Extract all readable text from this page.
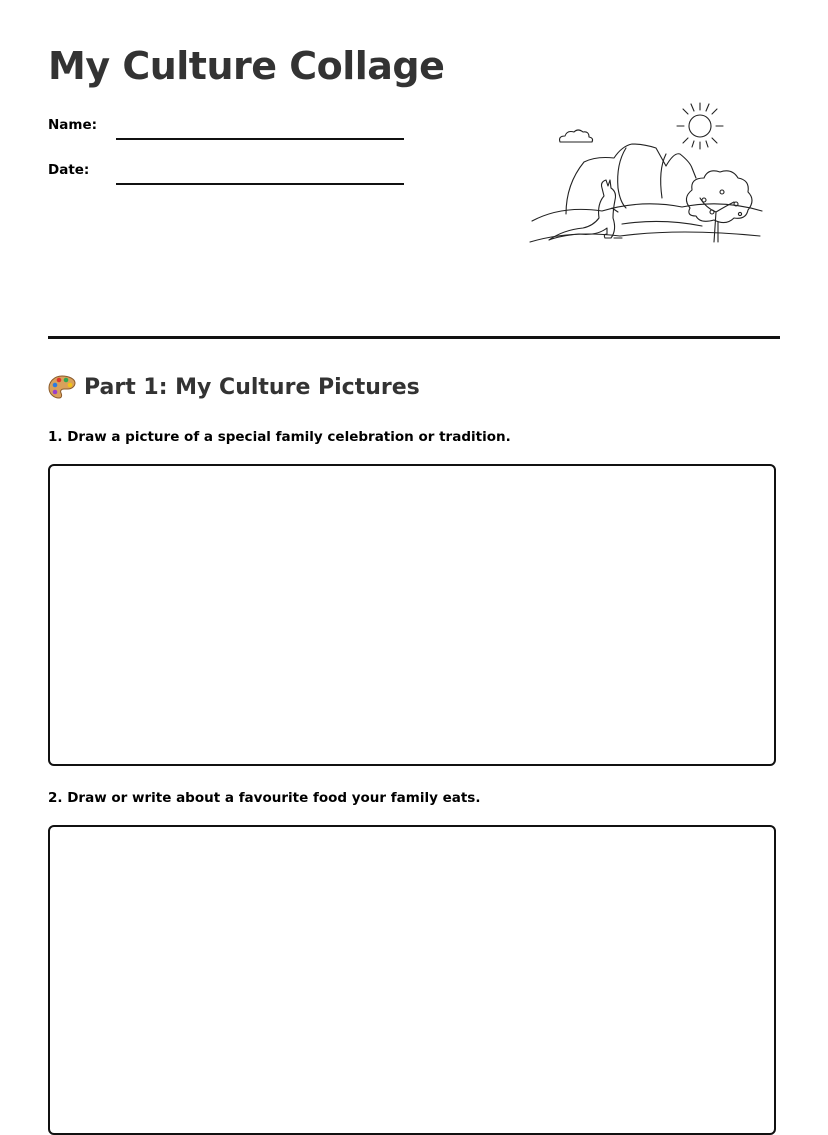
My Culture Collage
Name:
Date:
Part 1: My Culture Pictures

1. Draw a picture of a special family celebration or tradition.

2. Draw or write about a favourite food your family eats.
